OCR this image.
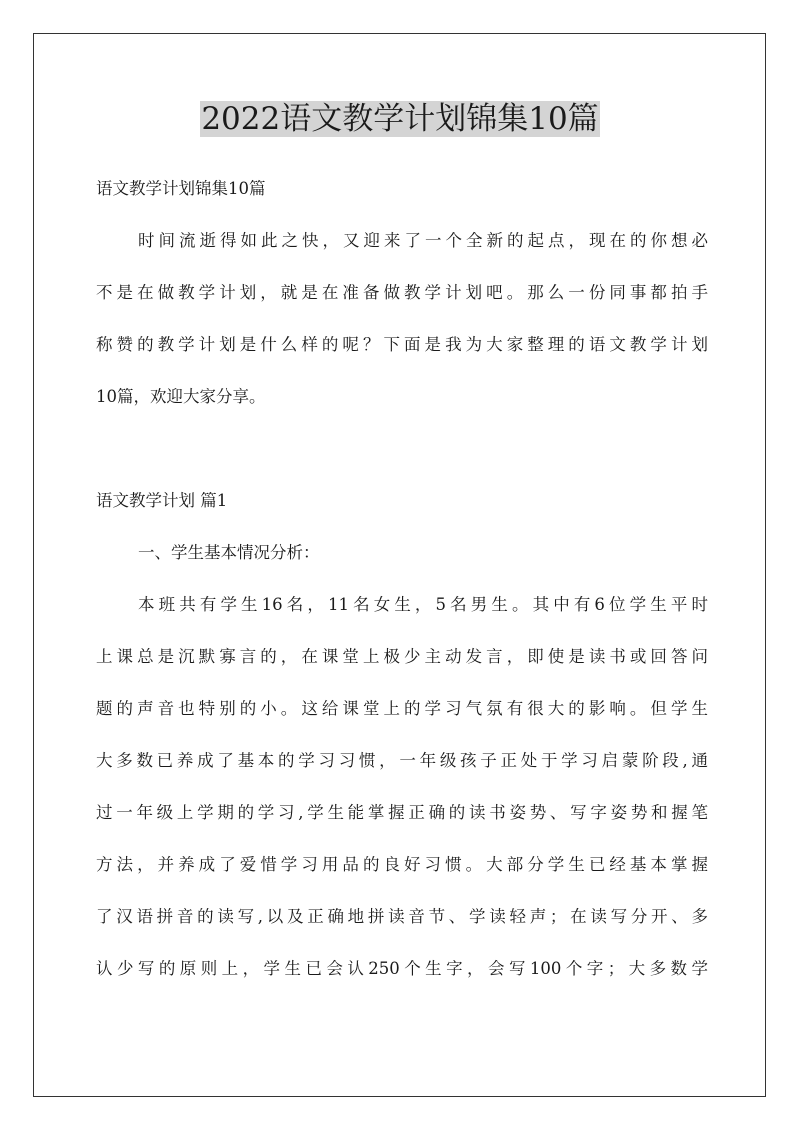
2022语文教学计划锦集10篇
语文教学计划锦集10篇
时间流逝得如此之快，又迎来了一个全新的起点，现在的你想必
不是在做教学计划，就是在准备做教学计划吧。那么一份同事都拍手
称赞的教学计划是什么样的呢？下面是我为大家整理的语文教学计划
10篇，欢迎大家分享。
语文教学计划 篇1
一、学生基本情况分析：
本班共有学生16名，11名女生，5名男生。其中有6位学生平时
上课总是沉默寡言的，在课堂上极少主动发言，即使是读书或回答问
题的声音也特别的小。这给课堂上的学习气氛有很大的影响。但学生
大多数已养成了基本的学习习惯，一年级孩子正处于学习启蒙阶段,通
过一年级上学期的学习,学生能掌握正确的读书姿势、写字姿势和握笔
方法，并养成了爱惜学习用品的良好习惯。大部分学生已经基本掌握
了汉语拼音的读写,以及正确地拼读音节、学读轻声；在读写分开、多
认少写的原则上，学生已会认250个生字，会写100个字；大多数学
